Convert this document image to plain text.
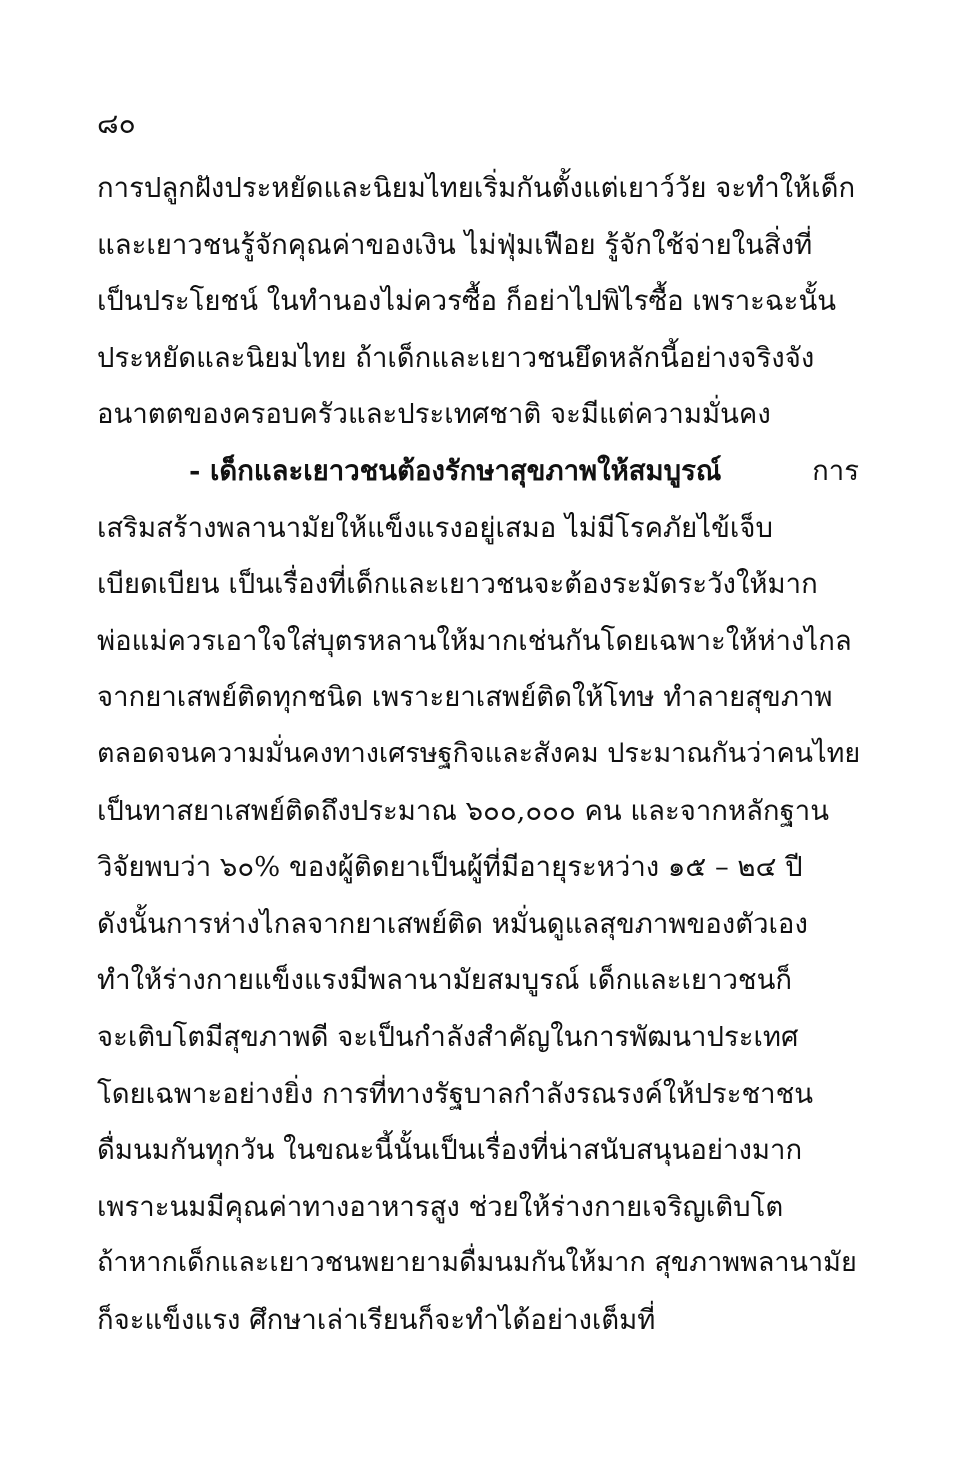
๘๐
การปลูกฝังประหยัดและนิยมไทยเริ่มกันตั้งแต่เยาว์วัย จะทำให้เด็ก
และเยาวชนรู้จักคุณค่าของเงิน ไม่ฟุ่มเฟือย รู้จักใช้จ่ายในสิ่งที่
เป็นประโยชน์ ในทำนองไม่ควรซื้อ ก็อย่าไปพิไรซื้อ เพราะฉะนั้น
ประหยัดและนิยมไทย ถ้าเด็กและเยาวชนยึดหลักนี้อย่างจริงจัง
อนาตตของครอบครัวและประเทศชาติ จะมีแต่ความมั่นคง
- เด็กและเยาวชนต้องรักษาสุขภาพให้สมบูรณ์	การ
เสริมสร้างพลานามัยให้แข็งแรงอยู่เสมอ ไม่มีโรคภัยไข้เจ็บ
เบียดเบียน เป็นเรื่องที่เด็กและเยาวชนจะต้องระมัดระวังให้มาก
พ่อแม่ควรเอาใจใส่บุตรหลานให้มากเช่นกันโดยเฉพาะให้ห่างไกล
จากยาเสพย์ติดทุกชนิด เพราะยาเสพย์ติดให้โทษ ทำลายสุขภาพ
ตลอดจนความมั่นคงทางเศรษฐกิจและสังคม ประมาณกันว่าคนไทย
เป็นทาสยาเสพย์ติดถึงประมาณ ๖๐๐,๐๐๐ คน และจากหลักฐาน
วิจัยพบว่า ๖๐% ของผู้ติดยาเป็นผู้ที่มีอายุระหว่าง ๑๕ – ๒๔ ปี
ดังนั้นการห่างไกลจากยาเสพย์ติด หมั่นดูแลสุขภาพของตัวเอง
ทำให้ร่างกายแข็งแรงมีพลานามัยสมบูรณ์ เด็กและเยาวชนก็
จะเติบโตมีสุขภาพดี จะเป็นกำลังสำคัญในการพัฒนาประเทศ
โดยเฉพาะอย่างยิ่ง การที่ทางรัฐบาลกำลังรณรงค์ให้ประชาชน
ดื่มนมกันทุกวัน ในขณะนี้นั้นเป็นเรื่องที่น่าสนับสนุนอย่างมาก
เพราะนมมีคุณค่าทางอาหารสูง ช่วยให้ร่างกายเจริญเติบโต
ถ้าหากเด็กและเยาวชนพยายามดื่มนมกันให้มาก สุขภาพพลานามัย
ก็จะแข็งแรง ศึกษาเล่าเรียนก็จะทำได้อย่างเต็มที่
